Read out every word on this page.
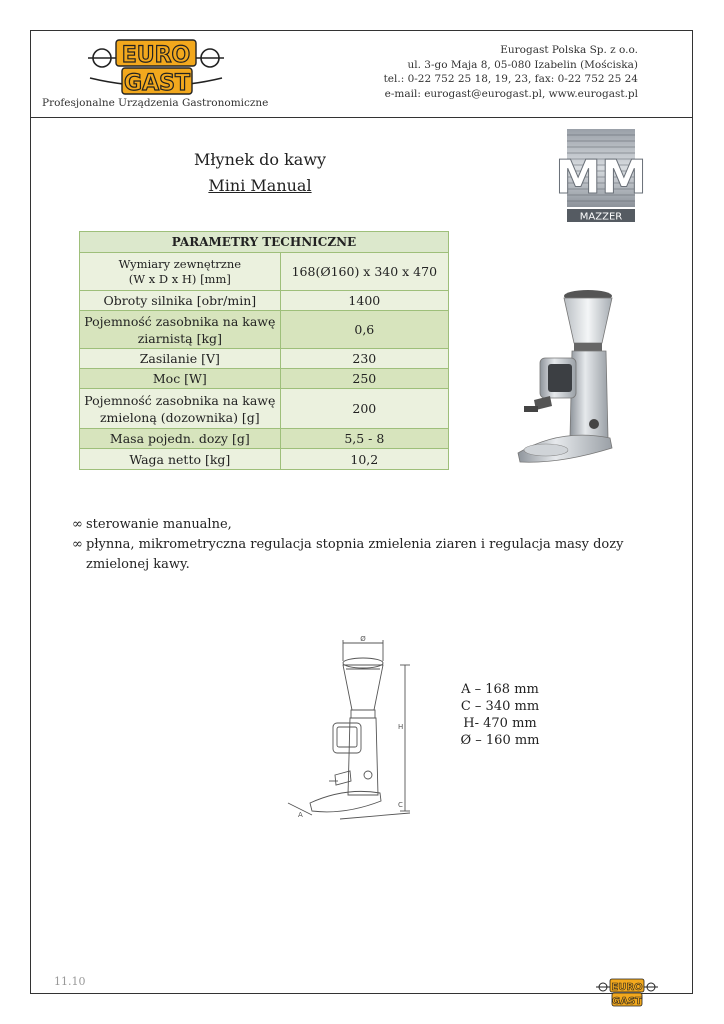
EURO
GAST
Profesjonalne Urządzenia Gastronomiczne
Eurogast Polska Sp. z o.o.
ul. 3-go Maja 8, 05-080 Izabelin (Mościska)
tel.: 0-22 752 25 18, 19, 23, fax: 0-22 752 25 24
e-mail: eurogast@eurogast.pl, www.eurogast.pl
MM
MAZZER
Młynek do kawy
Mini Manual
PARAMETRY TECHNICZNE	

Wymiary zewnętrzne
(W x D x H) [mm]	168(Ø160) x 340 x 470
Obroty silnika [obr/min]	1400

Pojemność zasobnika na kawę
ziarnistą [kg]	0,6
Zasilanie [V]	230
Moc [W]	250

Pojemność zasobnika na kawę
zmieloną (dozownika) [g]	200
Masa pojedn. dozy [g]	5,5 - 8
Waga netto [kg]	10,2
∞ sterowanie manualne,
∞ płynna, mikrometryczna regulacja stopnia zmielenia ziaren i regulacja masy dozy
zmielonej kawy.
Ø
H
A
C
A – 168 mm
C – 340 mm
H- 470 mm
Ø – 160 mm
11.10	EURO
GAST
